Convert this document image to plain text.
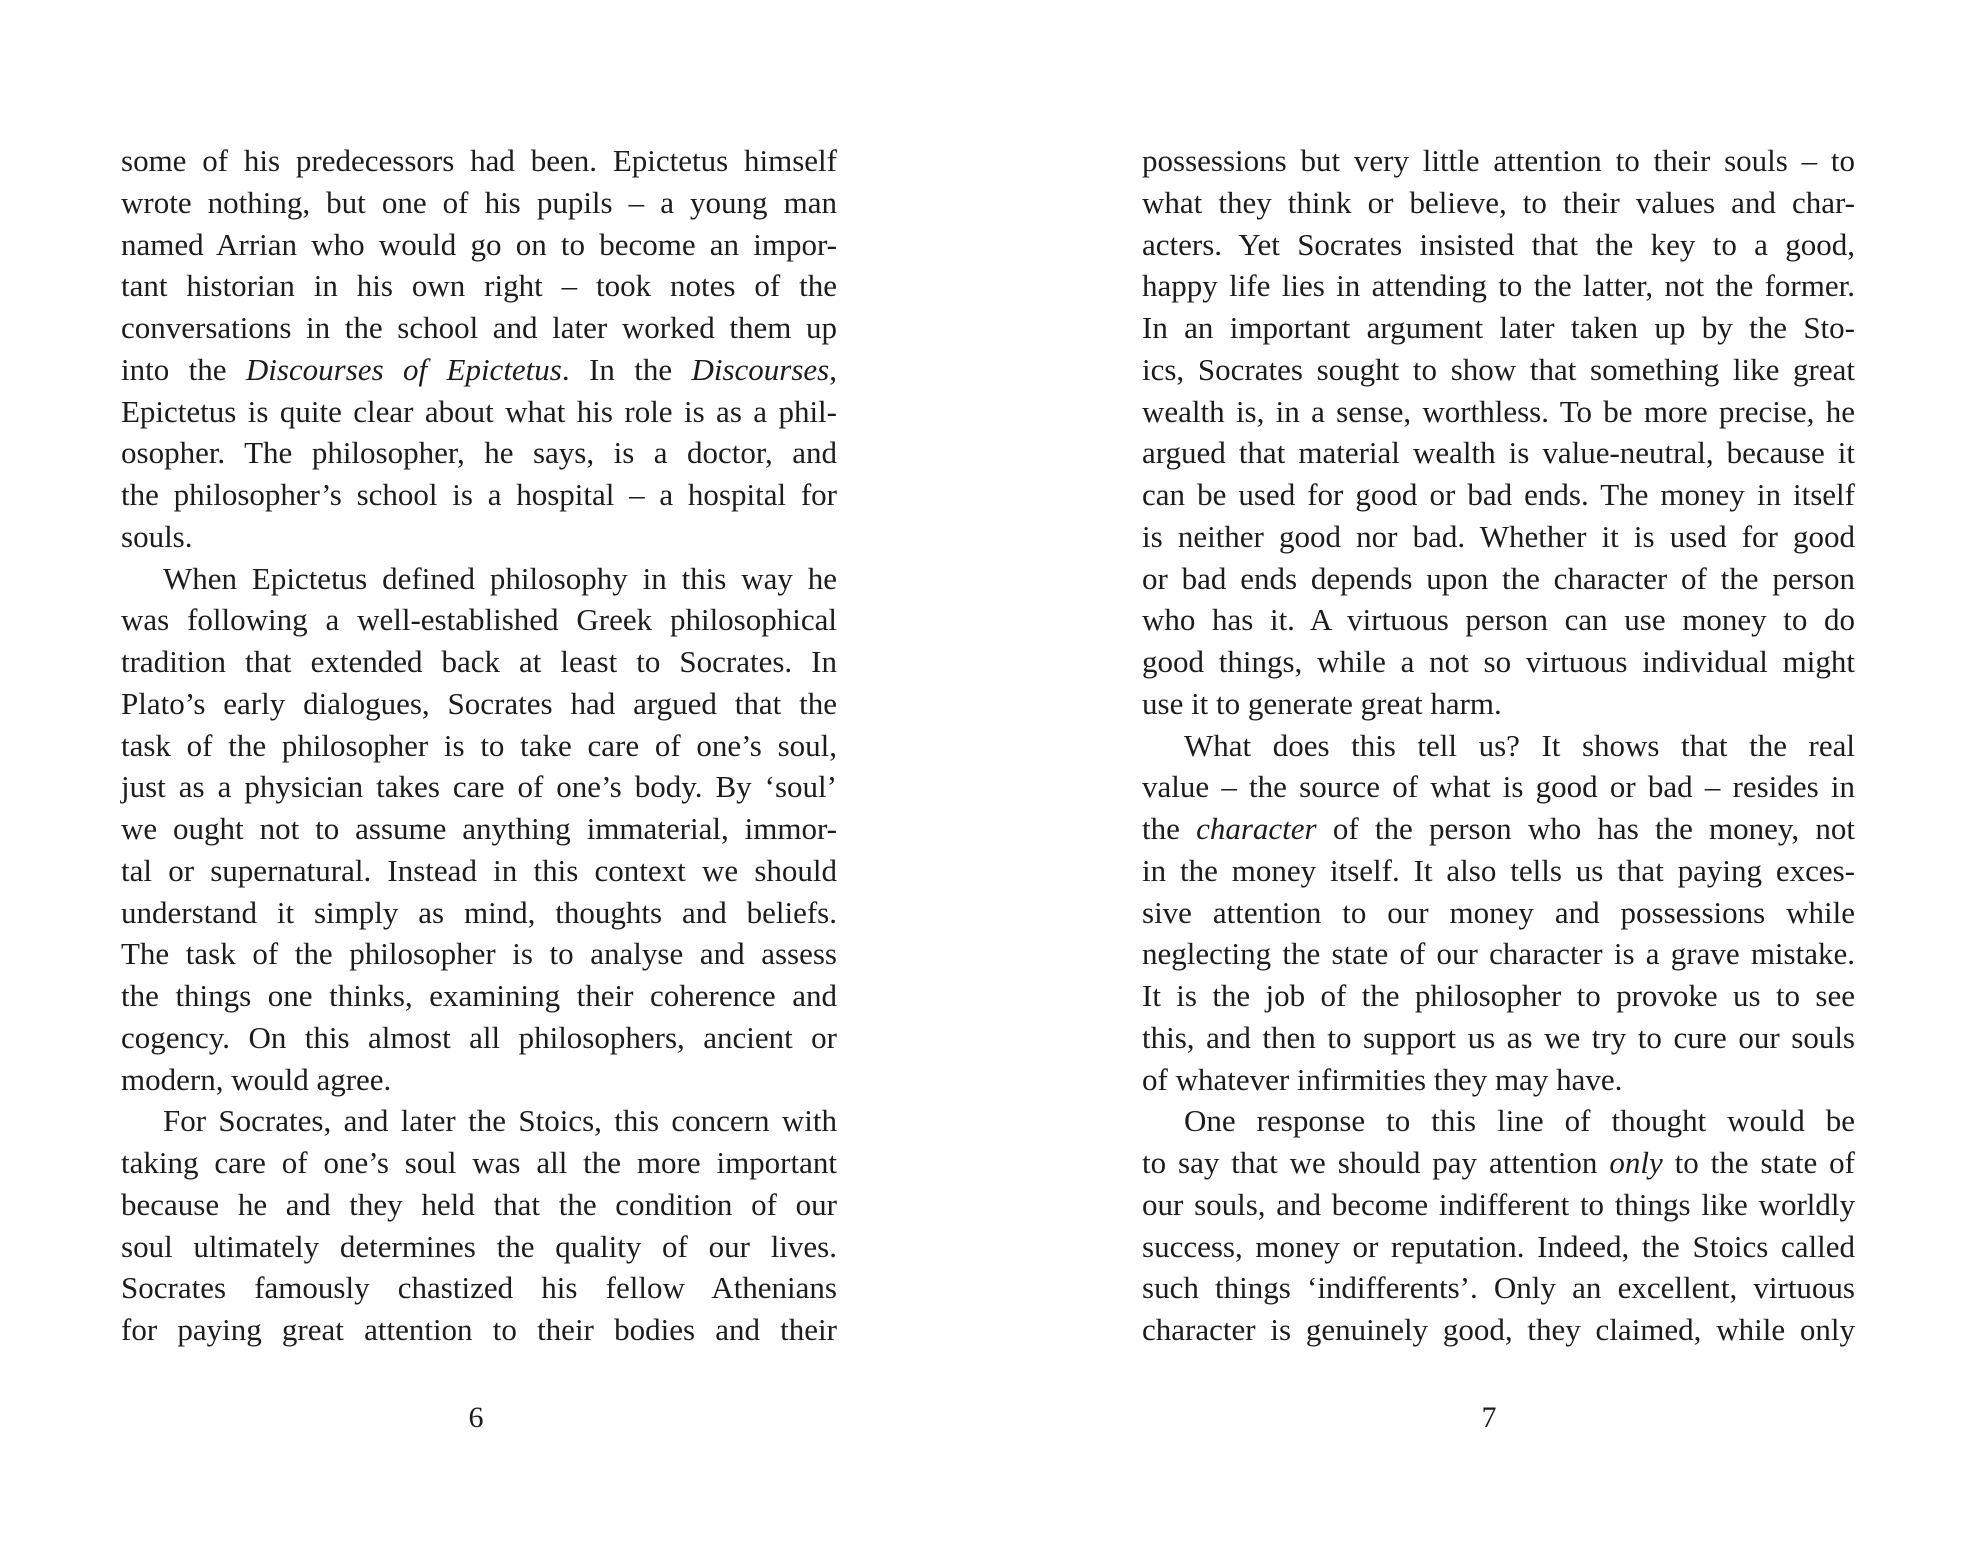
some of his predecessors had been. Epictetus himself
wrote nothing, but one of his pupils – a young man
named Arrian who would go on to become an impor-
tant historian in his own right – took notes of the
conversations in the school and later worked them up
into the Discourses of Epictetus. In the Discourses,
Epictetus is quite clear about what his role is as a phil-
osopher. The philosopher, he says, is a doctor, and
the philosopher’s school is a hospital – a hospital for
souls.
When Epictetus defined philosophy in this way he
was following a well-established Greek philosophical
tradition that extended back at least to Socrates. In
Plato’s early dialogues, Socrates had argued that the
task of the philosopher is to take care of one’s soul,
just as a physician takes care of one’s body. By ‘soul’
we ought not to assume anything immaterial, immor-
tal or supernatural. Instead in this context we should
understand it simply as mind, thoughts and beliefs.
The task of the philosopher is to analyse and assess
the things one thinks, examining their coherence and
cogency. On this almost all philosophers, ancient or
modern, would agree.
For Socrates, and later the Stoics, this concern with
taking care of one’s soul was all the more important
because he and they held that the condition of our
soul ultimately determines the quality of our lives.
Socrates famously chastized his fellow Athenians
for paying great attention to their bodies and their
6
possessions but very little attention to their souls – to
what they think or believe, to their values and char-
acters. Yet Socrates insisted that the key to a good,
happy life lies in attending to the latter, not the former.
In an important argument later taken up by the Sto-
ics, Socrates sought to show that something like great
wealth is, in a sense, worthless. To be more precise, he
argued that material wealth is value-neutral, because it
can be used for good or bad ends. The money in itself
is neither good nor bad. Whether it is used for good
or bad ends depends upon the character of the person
who has it. A virtuous person can use money to do
good things, while a not so virtuous individual might
use it to generate great harm.
What does this tell us? It shows that the real
value – the source of what is good or bad – resides in
the character of the person who has the money, not
in the money itself. It also tells us that paying exces-
sive attention to our money and possessions while
neglecting the state of our character is a grave mistake.
It is the job of the philosopher to provoke us to see
this, and then to support us as we try to cure our souls
of whatever infirmities they may have.
One response to this line of thought would be
to say that we should pay attention only to the state of
our souls, and become indifferent to things like worldly
success, money or reputation. Indeed, the Stoics called
such things ‘indifferents’. Only an excellent, virtuous
character is genuinely good, they claimed, while only
7
